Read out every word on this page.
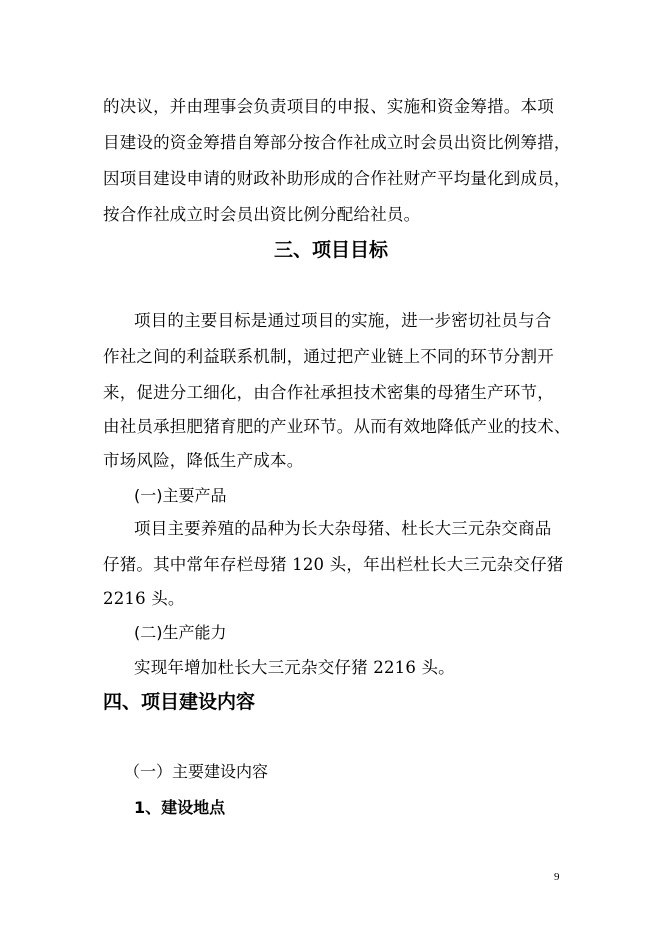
的决议，并由理事会负责项目的申报、实施和资金筹措。本项
目建设的资金筹措自筹部分按合作社成立时会员出资比例筹措，
因项目建设申请的财政补助形成的合作社财产平均量化到成员，
按合作社成立时会员出资比例分配给社员。
三、项目目标
项目的主要目标是通过项目的实施，进一步密切社员与合
作社之间的利益联系机制，通过把产业链上不同的环节分割开
来，促进分工细化，由合作社承担技术密集的母猪生产环节，
由社员承担肥猪育肥的产业环节。从而有效地降低产业的技术、
市场风险，降低生产成本。
(一)主要产品
项目主要养殖的品种为长大杂母猪、杜长大三元杂交商品
仔猪。其中常年存栏母猪 120 头，年出栏杜长大三元杂交仔猪
2216 头。
(二)生产能力
实现年增加杜长大三元杂交仔猪 2216 头。
四、项目建设内容
（一）主要建设内容
1、建设地点
9
